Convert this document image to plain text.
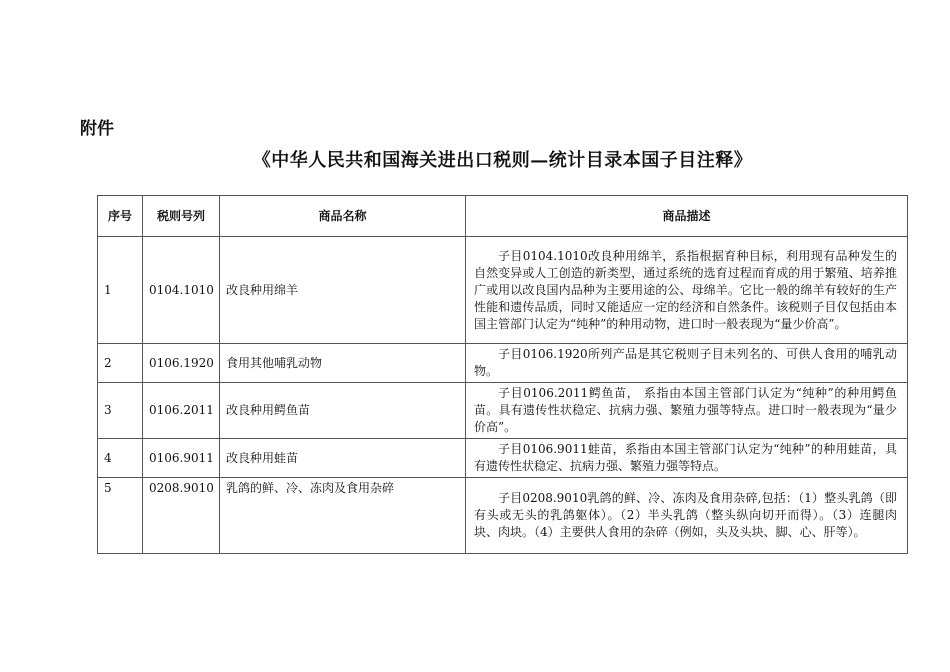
附件
《中华人民共和国海关进出口税则—统计目录本国子目注释》
序号	税则号列	商品名称	商品描述
1	0104.1010	改良种用绵羊	子目0104.1010改良种用绵羊，系指根据育种目标，利用现有品种发生的自然变异或人工创造的新类型，通过系统的选育过程而育成的用于繁殖、培养推广或用以改良国内品种为主要用途的公、母绵羊。它比一般的绵羊有较好的生产性能和遗传品质，同时又能适应一定的经济和自然条件。该税则子目仅包括由本国主管部门认定为“纯种”的种用动物，进口时一般表现为“量少价高”。
2	0106.1920	食用其他哺乳动物	子目0106.1920所列产品是其它税则子目未列名的、可供人食用的哺乳动物。
3	0106.2011	改良种用鳄鱼苗	子目0106.2011鳄鱼苗， 系指由本国主管部门认定为“纯种”的种用鳄鱼苗。具有遗传性状稳定、抗病力强、繁殖力强等特点。进口时一般表现为“量少价高”。
4	0106.9011	改良种用蛙苗	子目0106.9011蛙苗，系指由本国主管部门认定为“纯种”的种用蛙苗，具有遗传性状稳定、抗病力强、繁殖力强等特点。
5	0208.9010	乳鸽的鲜、冷、冻肉及食用杂碎	子目0208.9010乳鸽的鲜、冷、冻肉及食用杂碎,包括：（1）整头乳鸽（即有头或无头的乳鸽躯体）。（2）半头乳鸽（整头纵向切开而得）。（3）连腿肉块、肉块。（4）主要供人食用的杂碎（例如，头及头块、脚、心、肝等）。
